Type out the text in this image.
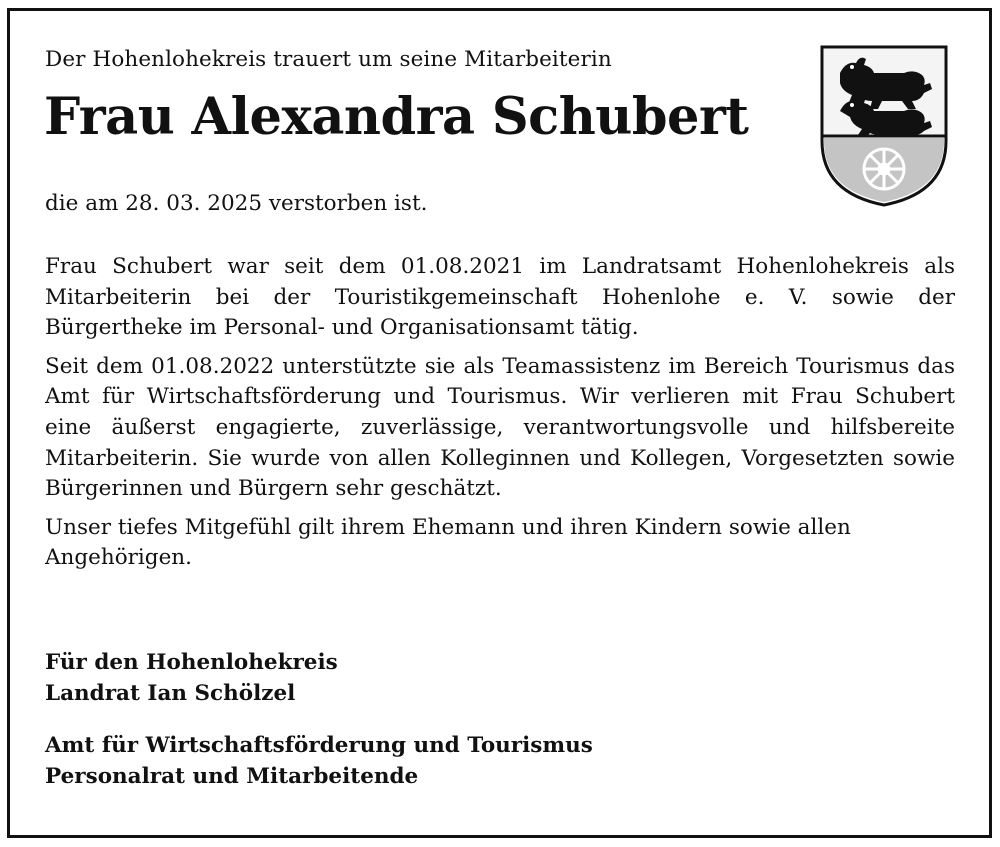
Der Hohenlohekreis trauert um seine Mitarbeiterin
Frau Alexandra Schubert
die am 28. 03. 2025 verstorben ist.

Frau Schubert war seit dem 01.08.2021 im Landratsamt Hohenlohekreis als Mitarbeiterin bei der Touristikgemeinschaft Hohenlohe e. V. sowie der Bürgertheke im Personal- und Organisationsamt tätig.

Seit dem 01.08.2022 unterstützte sie als Teamassistenz im Bereich Tourismus das Amt für Wirtschaftsförderung und Tourismus. Wir verlieren mit Frau Schubert eine äußerst engagierte, zuverlässige, verantwortungsvolle und hilfsbereite Mitarbeiterin. Sie wurde von allen Kolleginnen und Kollegen, Vorgesetzten sowie Bürgerinnen und Bürgern sehr geschätzt.

Unser tiefes Mitgefühl gilt ihrem Ehemann und ihren Kindern sowie allen Angehörigen.

Für den Hohenlohekreis
Landrat Ian Schölzel
Amt für Wirtschaftsförderung und Tourismus
Personalrat und Mitarbeitende
